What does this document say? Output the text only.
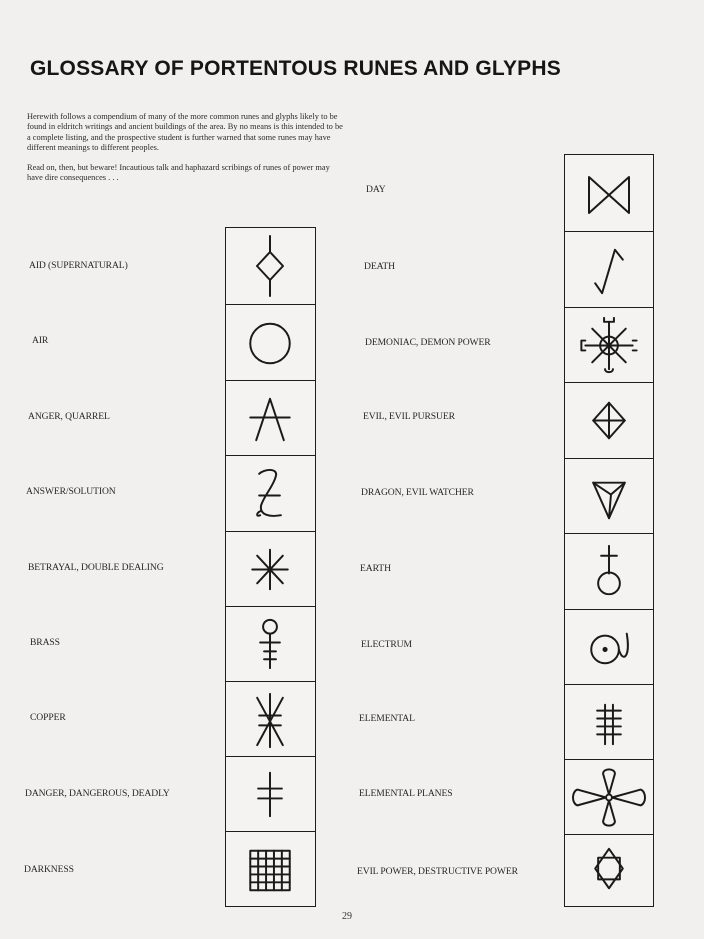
GLOSSARY OF PORTENTOUS RUNES AND GLYPHS

Herewith follows a compendium of many of the more common runes and glyphs likely to be found in eldritch writings and ancient buildings of the area. By no means is this intended to be a complete listing, and the prospective student is further warned that some runes may have different meanings to different peoples.

Read on, then, but beware! Incautious talk and haphazard scribings of runes of power may have dire consequences . . .

AID (SUPERNATURAL)
AIR
ANGER, QUARREL
ANSWER/SOLUTION
BETRAYAL, DOUBLE DEALING
BRASS
COPPER
DANGER, DANGEROUS, DEADLY
DARKNESS
DAY
DEATH
DEMONIAC, DEMON POWER
EVIL, EVIL PURSUER
DRAGON, EVIL WATCHER
EARTH
ELECTRUM
ELEMENTAL
ELEMENTAL PLANES
EVIL POWER, DESTRUCTIVE POWER
29
